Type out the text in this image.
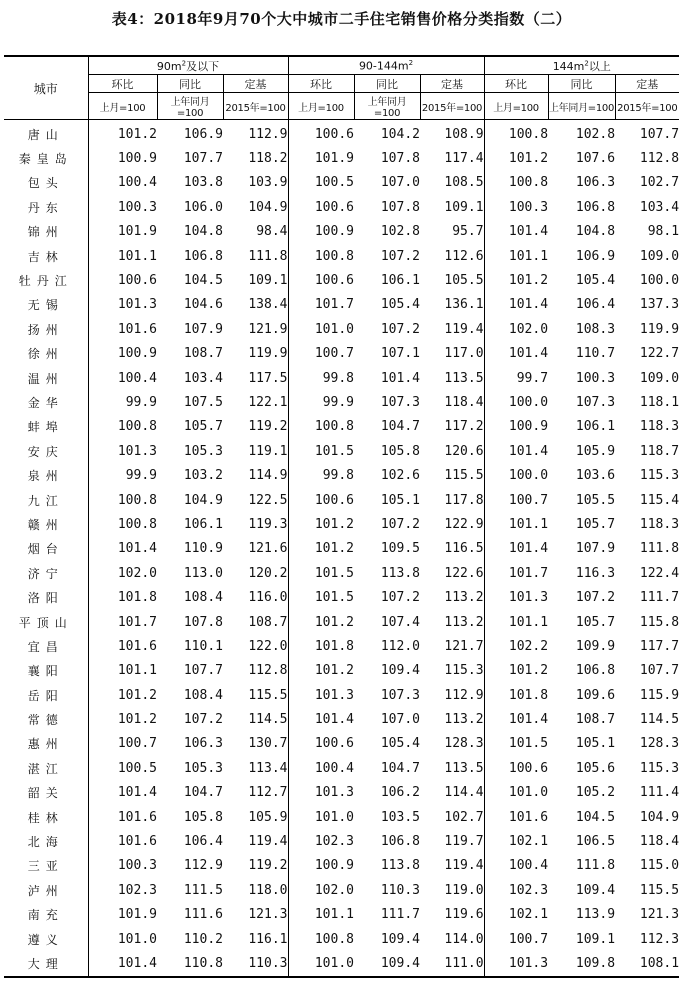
表4：2018年9月70个大中城市二手住宅销售价格分类指数（二）
城市	$90m^2$及以下			$90-144m^2$			$144m^2$以上		
	环比	同比	定基	环比	同比	定基	环比	同比	定基
	上月=100	上年同月=100	2015年=100	上月=100	上年同月=100	2015年=100	上月=100	上年同月=100	2015年=100
唐山	101.2	106.9	112.9	100.6	104.2	108.9	100.8	102.8	107.7
秦皇岛	100.9	107.7	118.2	101.9	107.8	117.4	101.2	107.6	112.8
包头	100.4	103.8	103.9	100.5	107.0	108.5	100.8	106.3	102.7
丹东	100.3	106.0	104.9	100.6	107.8	109.1	100.3	106.8	103.4
锦州	101.9	104.8	98.4	100.9	102.8	95.7	101.4	104.8	98.1
吉林	101.1	106.8	111.8	100.8	107.2	112.6	101.1	106.9	109.0
牡丹江	100.6	104.5	109.1	100.6	106.1	105.5	101.2	105.4	100.0
无锡	101.3	104.6	138.4	101.7	105.4	136.1	101.4	106.4	137.3
扬州	101.6	107.9	121.9	101.0	107.2	119.4	102.0	108.3	119.9
徐州	100.9	108.7	119.9	100.7	107.1	117.0	101.4	110.7	122.7
温州	100.4	103.4	117.5	99.8	101.4	113.5	99.7	100.3	109.0
金华	99.9	107.5	122.1	99.9	107.3	118.4	100.0	107.3	118.1
蚌埠	100.8	105.7	119.2	100.8	104.7	117.2	100.9	106.1	118.3
安庆	101.3	105.3	119.1	101.5	105.8	120.6	101.4	105.9	118.7
泉州	99.9	103.2	114.9	99.8	102.6	115.5	100.0	103.6	115.3
九江	100.8	104.9	122.5	100.6	105.1	117.8	100.7	105.5	115.4
赣州	100.8	106.1	119.3	101.2	107.2	122.9	101.1	105.7	118.3
烟台	101.4	110.9	121.6	101.2	109.5	116.5	101.4	107.9	111.8
济宁	102.0	113.0	120.2	101.5	113.8	122.6	101.7	116.3	122.4
洛阳	101.8	108.4	116.0	101.5	107.2	113.2	101.3	107.2	111.7
平顶山	101.7	107.8	108.7	101.2	107.4	113.2	101.1	105.7	115.8
宜昌	101.6	110.1	122.0	101.8	112.0	121.7	102.2	109.9	117.7
襄阳	101.1	107.7	112.8	101.2	109.4	115.3	101.2	106.8	107.7
岳阳	101.2	108.4	115.5	101.3	107.3	112.9	101.8	109.6	115.9
常德	101.2	107.2	114.5	101.4	107.0	113.2	101.4	108.7	114.5
惠州	100.7	106.3	130.7	100.6	105.4	128.3	101.5	105.1	128.3
湛江	100.5	105.3	113.4	100.4	104.7	113.5	100.6	105.6	115.3
韶关	101.4	104.7	112.7	101.3	106.2	114.4	101.0	105.2	111.4
桂林	101.6	105.8	105.9	101.0	103.5	102.7	101.6	104.5	104.9
北海	101.6	106.4	119.4	102.3	106.8	119.7	102.1	106.5	118.4
三亚	100.3	112.9	119.2	100.9	113.8	119.4	100.4	111.8	115.0
泸州	102.3	111.5	118.0	102.0	110.3	119.0	102.3	109.4	115.5
南充	101.9	111.6	121.3	101.1	111.7	119.6	102.1	113.9	121.3
遵义	101.0	110.2	116.1	100.8	109.4	114.0	100.7	109.1	112.3
大理	101.4	110.8	110.3	101.0	109.4	111.0	101.3	109.8	108.1
